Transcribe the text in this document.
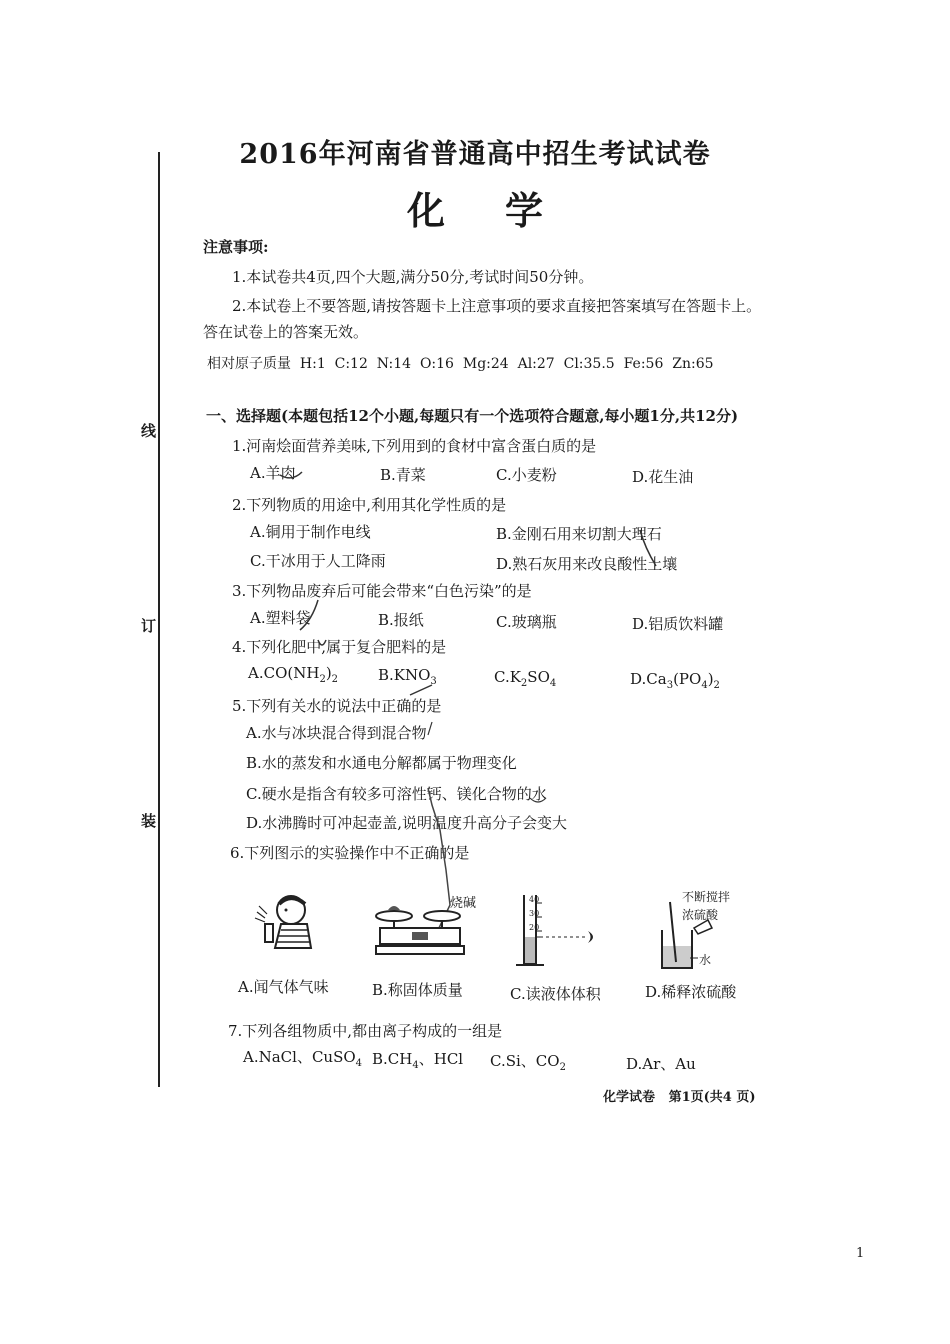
线
订
装
2016年河南省普通高中招生考试试卷
化学
注意事项:
1.本试卷共4页,四个大题,满分50分,考试时间50分钟。
2.本试卷上不要答题,请按答题卡上注意事项的要求直接把答案填写在答题卡上。
答在试卷上的答案无效。
相对原子质量  H:1  C:12  N:14  O:16  Mg:24  Al:27  Cl:35.5  Fe:56  Zn:65
一、选择题(本题包括12个小题,每题只有一个选项符合题意,每小题1分,共12分)
1.河南烩面营养美味,下列用到的食材中富含蛋白质的是
A.羊肉	B.青菜	C.小麦粉	D.花生油
2.下列物质的用途中,利用其化学性质的是
A.铜用于制作电线	B.金刚石用来切割大理石
C.干冰用于人工降雨	D.熟石灰用来改良酸性土壤
3.下列物品废弃后可能会带来“白色污染”的是
A.塑料袋	B.报纸	C.玻璃瓶	D.铝质饮料罐
4.下列化肥中,属于复合肥料的是
$A.CO(NH_2)_2$	$B.KNO_3$	$C.K_2SO_4$	$D.Ca_3(PO_4)_2$
5.下列有关水的说法中正确的是
A.水与冰块混合得到混合物
B.水的蒸发和水通电分解都属于物理变化
C.硬水是指含有较多可溶性钙、镁化合物的水
D.水沸腾时可冲起壶盖,说明温度升高分子会变大
6.下列图示的实验操作中不正确的是
烧碱	40
30
20
不断搅拌
浓硫酸
水
A.闻气体气味	B.称固体质量	C.读液体体积	D.稀释浓硫酸
7.下列各组物质中,都由离子构成的一组是
A.NaCl、CuSO$_4$ $B.CH_4$、HCl C.Si、$CO_2$	D.Ar、Au
化学试卷   第1页(共4 页)
1
